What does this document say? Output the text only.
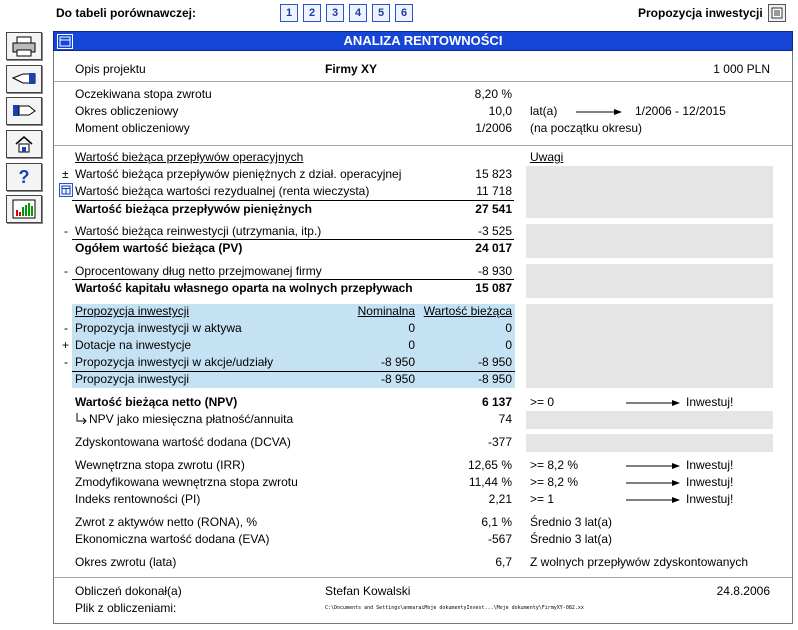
Do tabeli porównawczej:	1	2	3	4	5	6	Propozycja inwestycji
?
ANALIZA RENTOWNOŚCI
Opis projektu	Firmy XY	1 000 PLN
Oczekiwana stopa zwrotu	8,20 %
Okres obliczeniowy	10,0 lat(a)	1/2006 - 12/2015
Moment obliczeniowy	1/2006 (na początku okresu)
Wartość bieżąca przepływów operacyjnych	Uwagi
± Wartość bieżąca przepływów pieniężnych z dział. operacyjnej	15 823
Wartość bieżąca wartości rezydualnej (renta wieczysta)	11 718
Wartość bieżąca przepływów pieniężnych	27 541
- Wartość bieżąca reinwestycji (utrzymania, itp.)	-3 525
Ogółem wartość bieżąca (PV)	24 017
- Oprocentowany dług netto przejmowanej firmy	-8 930
Wartość kapitału własnego oparta na wolnych przepływach	15 087
Propozycja inwestycji	Nominalna Wartość bieżąca
- Propozycja inwestycji w aktywa	0	0
+ Dotacje na inwestycje	0	0
- Propozycja inwestycji w akcje/udziały	-8 950	-8 950
Propozycja inwestycji	-8 950	-8 950
Wartość bieżąca netto (NPV)	6 137 >= 0	Inwestuj!
NPV jako miesięczna płatność/annuita	74
Zdyskontowana wartość dodana (DCVA)	-377
Wewnętrzna stopa zwrotu (IRR)	12,65 % >= 8,2 %	Inwestuj!
Zmodyfikowana wewnętrzna stopa zwrotu	11,44 % >= 8,2 %	Inwestuj!
Indeks rentowności (PI)	2,21 >= 1	Inwestuj!
Zwrot z aktywów netto (RONA), %	6,1 % Średnio 3 lat(a)
Ekonomiczna wartość dodana (EVA)	-567 Średnio 3 lat(a)
Okres zwrotu (lata)	6,7 Z wolnych przepływów zdyskontowanych
Obliczeń dokonał(a)	Stefan Kowalski	24.8.2006
Plik z obliczeniami:	C:\Documents and Settings\anmaraiMoje dokumentyInvest...\Moje dokumenty\FirmyXY-082.xx
